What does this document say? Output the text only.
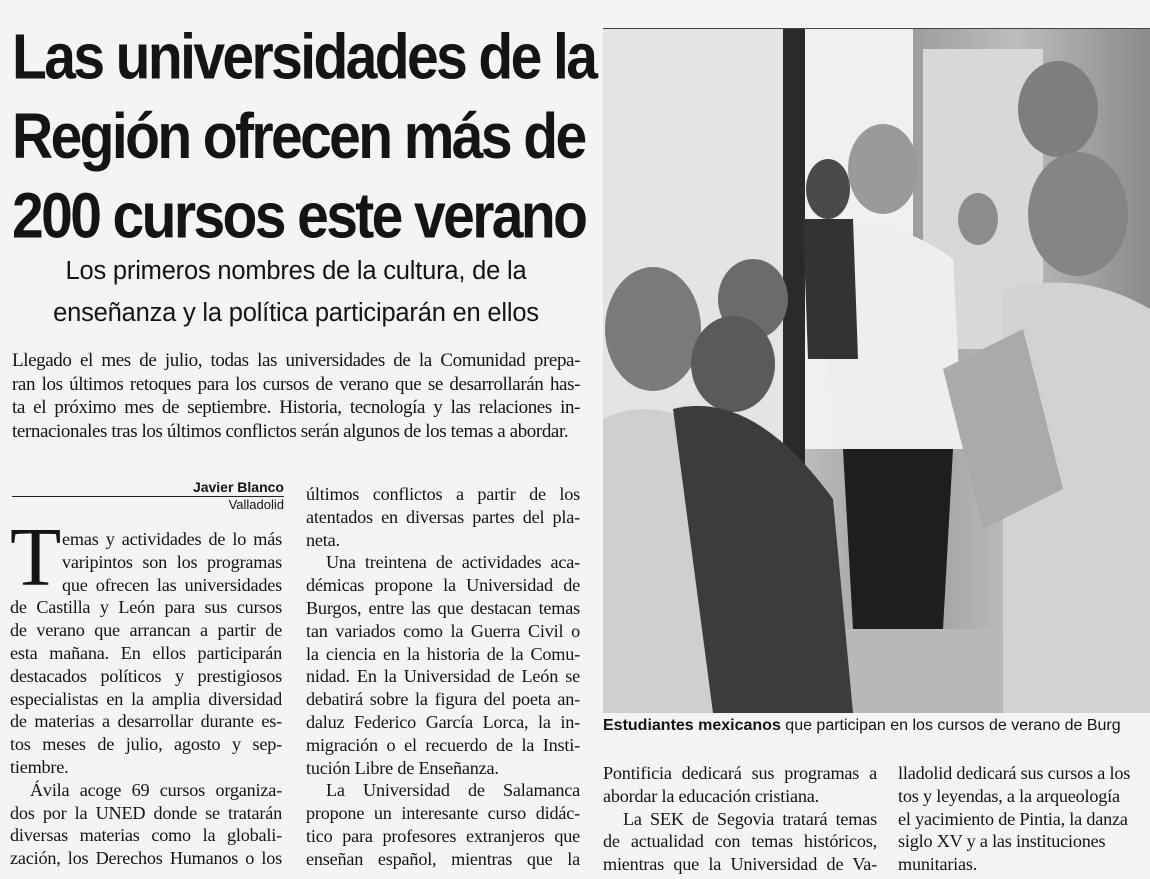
Las universidades de la
Región ofrecen más de
200 cursos este verano
Los primeros nombres de la cultura, de la
enseñanza y la política participarán en ellos
Llegado el mes de julio, todas las universidades de la Comunidad prepa-
ran los últimos retoques para los cursos de verano que se desarrollarán has-
ta el próximo mes de septiembre. Historia, tecnología y las relaciones in-
ternacionales tras los últimos conflictos serán algunos de los temas a abordar.
Javier Blanco
Valladolid
T emas y actividades de lo más
varipintos son los programas
que ofrecen las universidades
de Castilla y León para sus cursos
de verano que arrancan a partir de
esta mañana. En ellos participarán
destacados políticos y prestigiosos
especialistas en la amplia diversidad
de materias a desarrollar durante es-
tos meses de julio, agosto y sep-
tiembre.
Ávila acoge 69 cursos organiza-
dos por la UNED donde se tratarán
diversas materias como la globali-
zación, los Derechos Humanos o los
últimos conflictos a partir de los
atentados en diversas partes del pla-
neta.
Una treintena de actividades aca-
démicas propone la Universidad de
Burgos, entre las que destacan temas
tan variados como la Guerra Civil o
la ciencia en la historia de la Comu-
nidad. En la Universidad de León se
debatirá sobre la figura del poeta an-
daluz Federico García Lorca, la in-
migración o el recuerdo de la Insti-
tución Libre de Enseñanza.
La Universidad de Salamanca
propone un interesante curso didác-
tico para profesores extranjeros que
enseñan español, mientras que la
Estudiantes mexicanos que participan en los cursos de verano de Burg
Pontificia dedicará sus programas a
abordar la educación cristiana.
La SEK de Segovia tratará temas
de actualidad con temas históricos,
mientras que la Universidad de Va-
lladolid dedicará sus cursos a los
tos y leyendas, a la arqueología
el yacimiento de Pintia, la danza
siglo XV y a las instituciones
munitarias.
